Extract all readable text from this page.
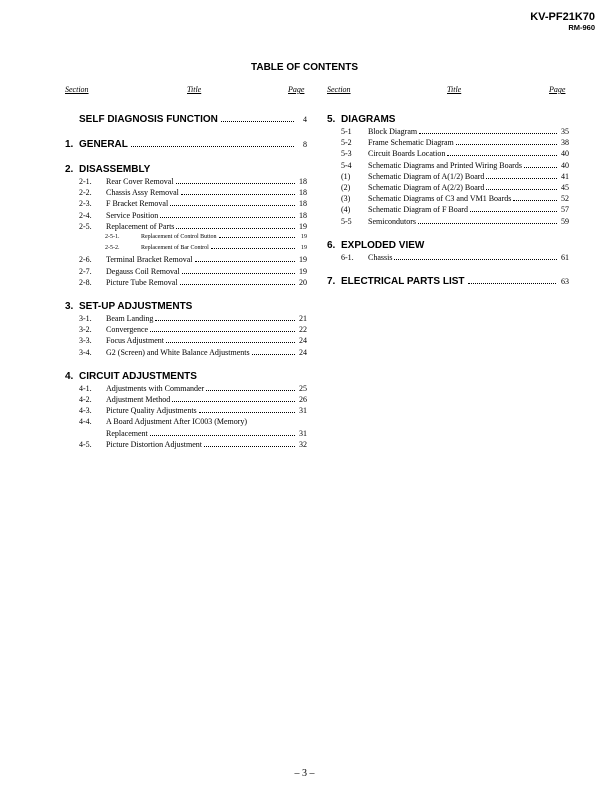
KV-PF21K70
RM-960
TABLE OF CONTENTS
Section	Title	Page	Section	Title	Page
SELF DIAGNOSIS FUNCTION	4
1. GENERAL	8
2. DISASSEMBLY
2-1.	Rear Cover Removal	18
2-2.	Chassis Assy Removal	18
2-3.	F Bracket Removal	18
2-4.	Service Position	18
2-5.	Replacement of Parts	19
2-5-1.	Replacement of Control Button	19
2-5-2.	Replacement of Bar Control	19
2-6.	Terminal Bracket Removal	19
2-7.	Degauss Coil Removal	19
2-8.	Picture Tube Removal	20
3. SET-UP ADJUSTMENTS
3-1.	Beam Landing	21
3-2.	Convergence	22
3-3.	Focus Adjustment	24
3-4.	G2 (Screen) and White Balance Adjustments	24
4. CIRCUIT ADJUSTMENTS
4-1.	Adjustments with Commander	25
4-2.	Adjustment Method	26
4-3.	Picture Quality Adjustments	31
4-4.	A Board Adjustment After IC003 (Memory)
Replacement	31
4-5.	Picture Distortion Adjustment	32
5. DIAGRAMS
5-1	Block Diagram	35
5-2	Frame Schematic Diagram	38
5-3	Circuit Boards Location	40
5-4	Schematic Diagrams and Printed Wiring Boards	40
(1)	Schematic Diagram of A(1/2) Board	41
(2)	Schematic Diagram of A(2/2) Board	45
(3)	Schematic Diagrams of C3 and VM1 Boards	52
(4)	Schematic Diagram of F Board	57
5-5	Semicondutors	59
6. EXPLODED VIEW
6-1.	Chassis	61
7. ELECTRICAL PARTS LIST	63
– 3 –
